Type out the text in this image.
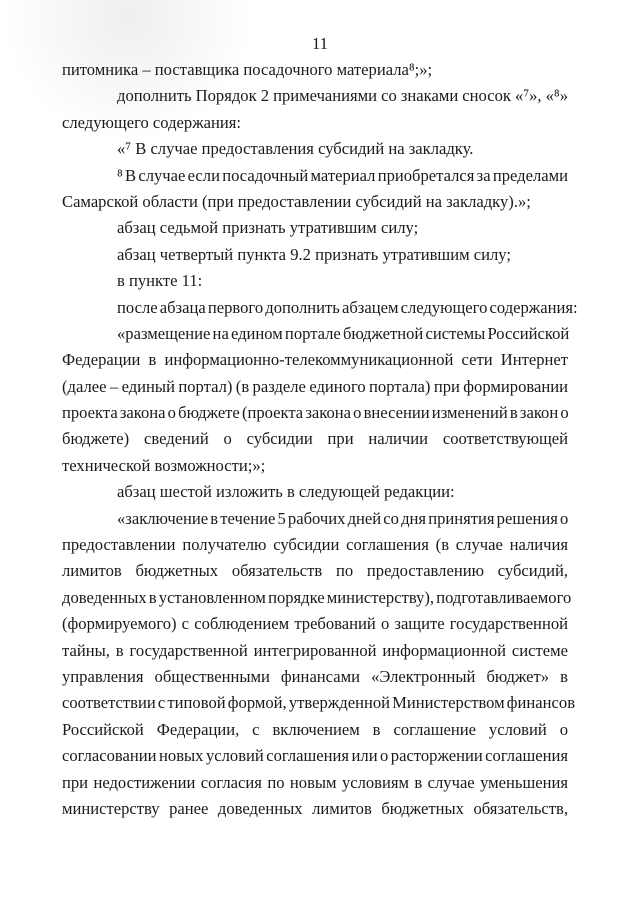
11
питомника – поставщика посадочного материала⁸;»;
дополнить Порядок 2 примечаниями со знаками сносок «⁷», «⁸»
следующего содержания:
«⁷ В случае предоставления субсидий на закладку.
⁸ В случае если посадочный материал приобретался за пределами
Самарской области (при предоставлении субсидий на закладку).»;
абзац седьмой признать утратившим силу;
абзац четвертый пункта 9.2 признать утратившим силу;
в пункте 11:
после абзаца первого дополнить абзацем следующего содержания:
«размещение на едином портале бюджетной системы Российской
Федерации в информационно-телекоммуникационной сети Интернет
(далее – единый портал) (в разделе единого портала) при формировании
проекта закона о бюджете (проекта закона о внесении изменений в закон о
бюджете) сведений о субсидии при наличии соответствующей
технической возможности;»;
абзац шестой изложить в следующей редакции:
«заключение в течение 5 рабочих дней со дня принятия решения о
предоставлении получателю субсидии соглашения (в случае наличия
лимитов бюджетных обязательств по предоставлению субсидий,
доведенных в установленном порядке министерству), подготавливаемого
(формируемого) с соблюдением требований о защите государственной
тайны, в государственной интегрированной информационной системе
управления общественными финансами «Электронный бюджет» в
соответствии с типовой формой, утвержденной Министерством финансов
Российской Федерации, с включением в соглашение условий о
согласовании новых условий соглашения или о расторжении соглашения
при недостижении согласия по новым условиям в случае уменьшения
министерству ранее доведенных лимитов бюджетных обязательств,
